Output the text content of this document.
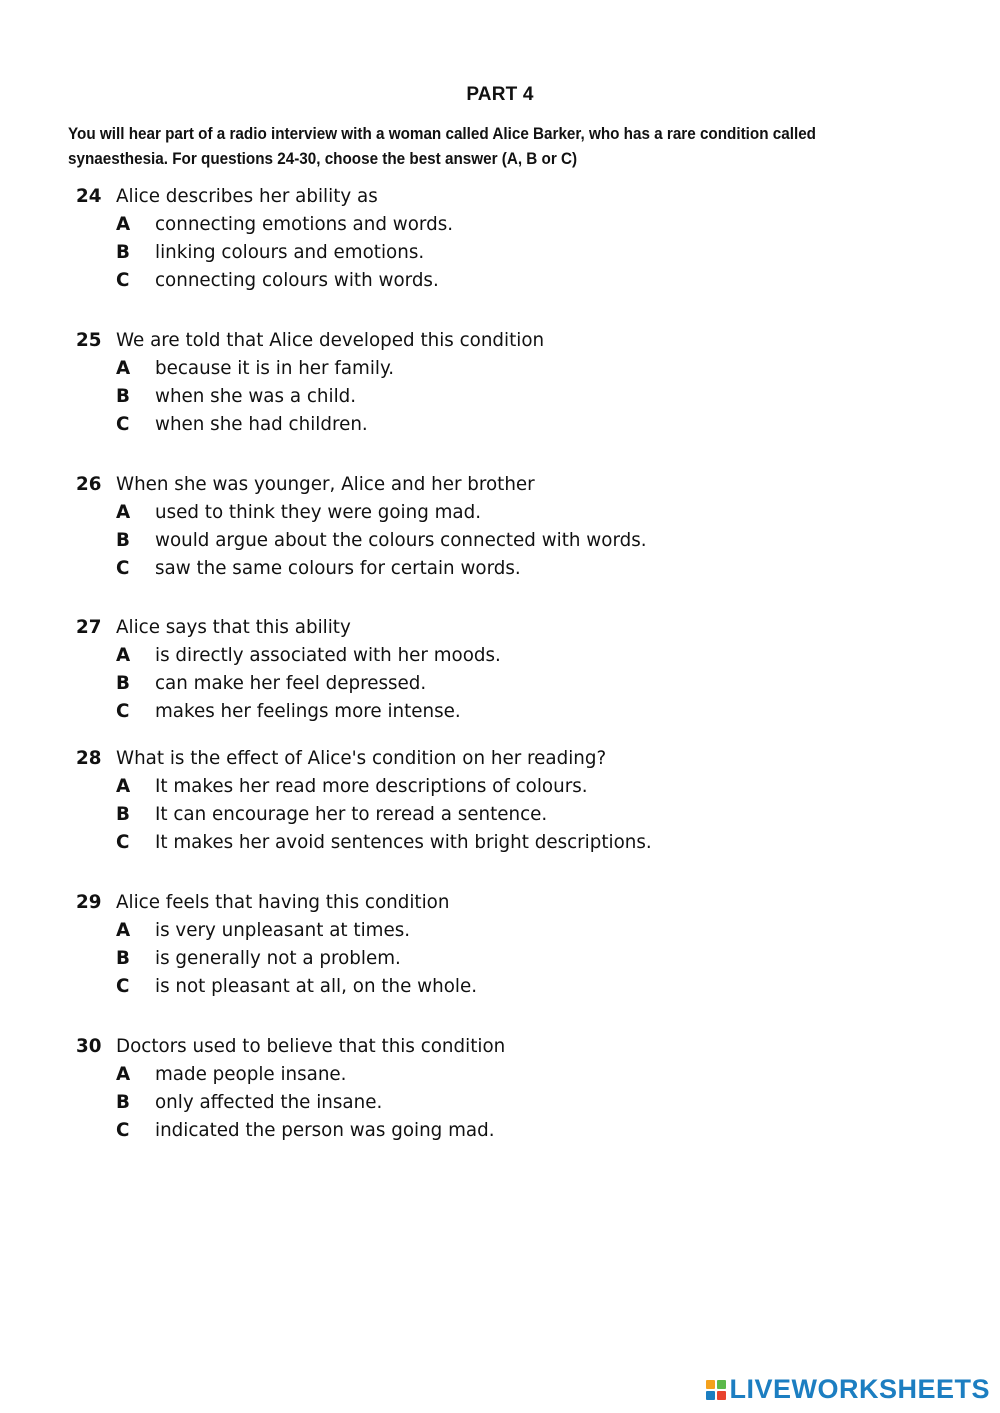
PART 4
You will hear part of a radio interview with a woman called Alice Barker, who has a rare condition called synaesthesia. For questions 24-30, choose the best answer (A, B or C)
24 Alice describes her ability as
A	connecting emotions and words.
B	linking colours and emotions.
C	connecting colours with words.
25 We are told that Alice developed this condition
A	because it is in her family.
B	when she was a child.
C	when she had children.
26 When she was younger, Alice and her brother
A	used to think they were going mad.
B	would argue about the colours connected with words.
C	saw the same colours for certain words.
27 Alice says that this ability
A	is directly associated with her moods.
B	can make her feel depressed.
C	makes her feelings more intense.
28 What is the effect of Alice's condition on her reading?
A	It makes her read more descriptions of colours.
B	It can encourage her to reread a sentence.
C	It makes her avoid sentences with bright descriptions.
29 Alice feels that having this condition
A	is very unpleasant at times.
B	is generally not a problem.
C	is not pleasant at all, on the whole.
30 Doctors used to believe that this condition
A	made people insane.
B	only affected the insane.
C	indicated the person was going mad.
LIVEWORKSHEETS
